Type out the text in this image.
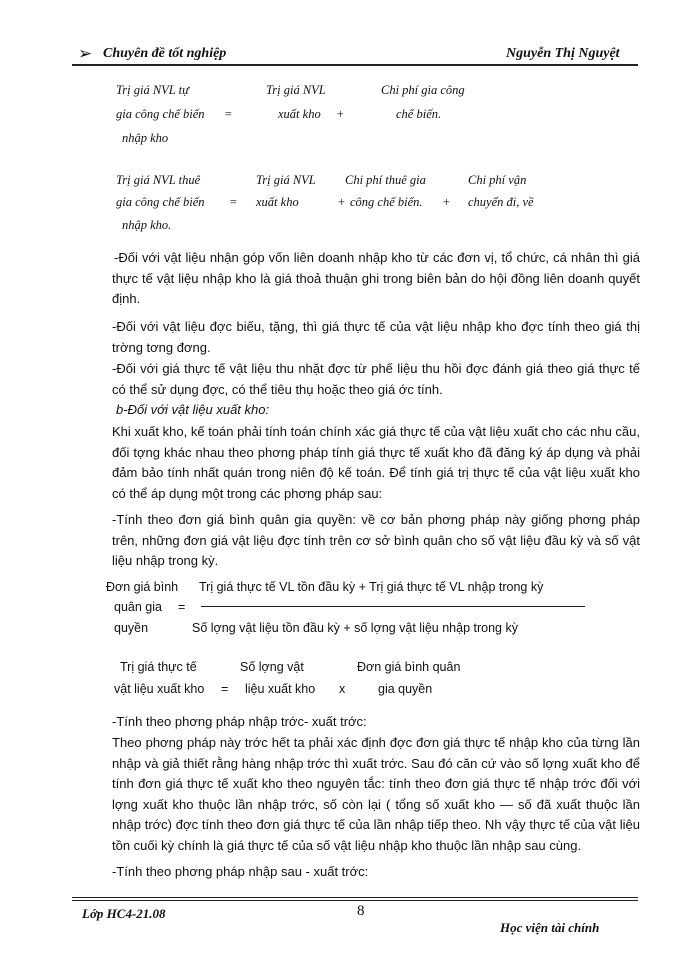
➢ Chuyên đề tốt nghiệp	Nguyễn Thị Nguyệt
Trị giá NVL tự
gia công chế biến
nhập kho
=
Trị giá NVL
xuất kho +
Chi phí gia công
chế biến.
Trị giá NVL thuê
gia công chế biến
nhập kho.
=
Trị giá NVL
xuất kho	+
Chi phí thuê gia
công chế biến. +
Chi phí vận
chuyển đi, về
-Đối với vật liệu nhận góp vốn liên doanh nhập kho từ các đơn vị, tổ chức, cá nhân thì giá thực tế vật liệu nhập kho là giá thoả thuận ghi trong biên bản do hội đồng liên doanh quyết định.
-Đối với vật liệu đợc biếu, tặng, thì giá thực tế của vật liệu nhập kho đợc tính theo giá thị trờng tơng đơng.
-Đối với giá thực tế vật liệu thu nhặt đợc từ phế liệu thu hồi đợc đánh giá theo giá thực tế có thể sử dụng đợc, có thể tiêu thụ hoặc theo giá ớc tính.
b-Đối với vật liệu xuất kho:
Khi xuất kho, kế toán phải tính toán chính xác giá thực tế của vật liệu xuất cho các nhu cầu, đối tợng khác nhau theo phơng pháp tính giá thực tế xuất kho đã đăng ký áp dụng và phải đảm bảo tính nhất quán trong niên độ kế toán. Để tính giá trị thực tế của vật liệu xuất kho có thể áp dụng một trong các phơng pháp sau:
-Tính theo đơn giá bình quân gia quyền: về cơ bản phơng pháp này giống phơng pháp trên, những đơn giá vật liệu đợc tính trên cơ sở bình quân cho số vật liệu đầu kỳ và số vật liệu nhập trong kỳ.
Đơn giá bình
quân gia
quyền
=
Trị giá thực tế VL tồn đầu kỳ + Trị giá thực tế VL nhập trong kỳ
Số lợng vật liệu tồn đầu kỳ + số lợng vật liệu nhập trong kỳ
Trị giá thực tế
vật liệu xuất kho =
Số lợng vật
liệu xuất kho x
Đơn giá bình quân
gia quyền
-Tính theo phơng pháp nhập trớc- xuất trớc:
Theo phơng pháp này trớc hết ta phải xác định đợc đơn giá thực tế nhập kho của từng lần nhập và giả thiết rằng hàng nhập trớc thì xuất trớc. Sau đó căn cứ vào số lợng xuất kho để tính đơn giá thực tế xuất kho theo nguyên tắc: tính theo đơn giá thực tế nhập trớc đối với lợng xuất kho thuộc lần nhập trớc, số còn lại ( tổng số xuất kho — số đã xuất thuộc lần nhập trớc) đợc tính theo đơn giá thực tế của lần nhập tiếp theo. Nh vậy thực tế của vật liệu tồn cuối kỳ chính là giá thực tế của số vật liệu nhập kho thuộc lần nhập sau cùng.
-Tính theo phơng pháp nhập sau - xuất trớc:
Lớp HC4-21.08	8
Học viện tài chính
